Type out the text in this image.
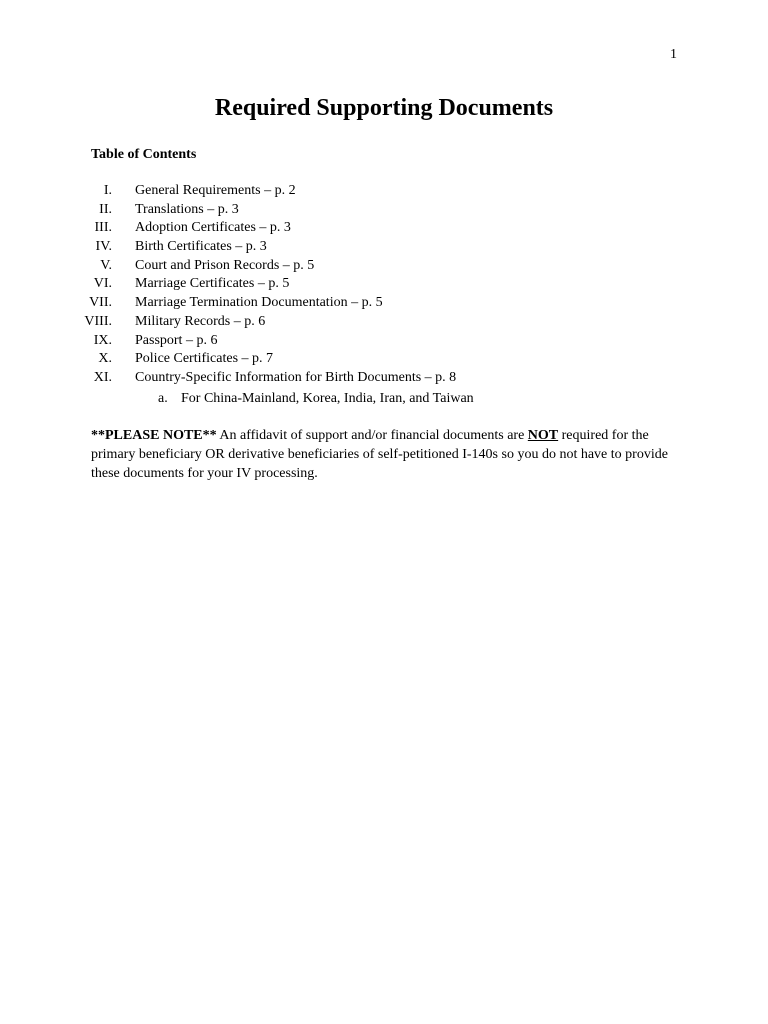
1
Required Supporting Documents
Table of Contents
I. General Requirements – p. 2
II. Translations – p. 3
III. Adoption Certificates – p. 3
IV. Birth Certificates – p. 3
V. Court and Prison Records – p. 5
VI. Marriage Certificates – p. 5
VII. Marriage Termination Documentation – p. 5
VIII. Military Records – p. 6
IX. Passport – p. 6
X. Police Certificates – p. 7
XI. Country-Specific Information for Birth Documents – p. 8
a. For China-Mainland, Korea, India, Iran, and Taiwan

**PLEASE NOTE** An affidavit of support and/or financial documents are NOT required for the primary beneficiary OR derivative beneficiaries of self-petitioned I-140s so you do not have to provide these documents for your IV processing.
